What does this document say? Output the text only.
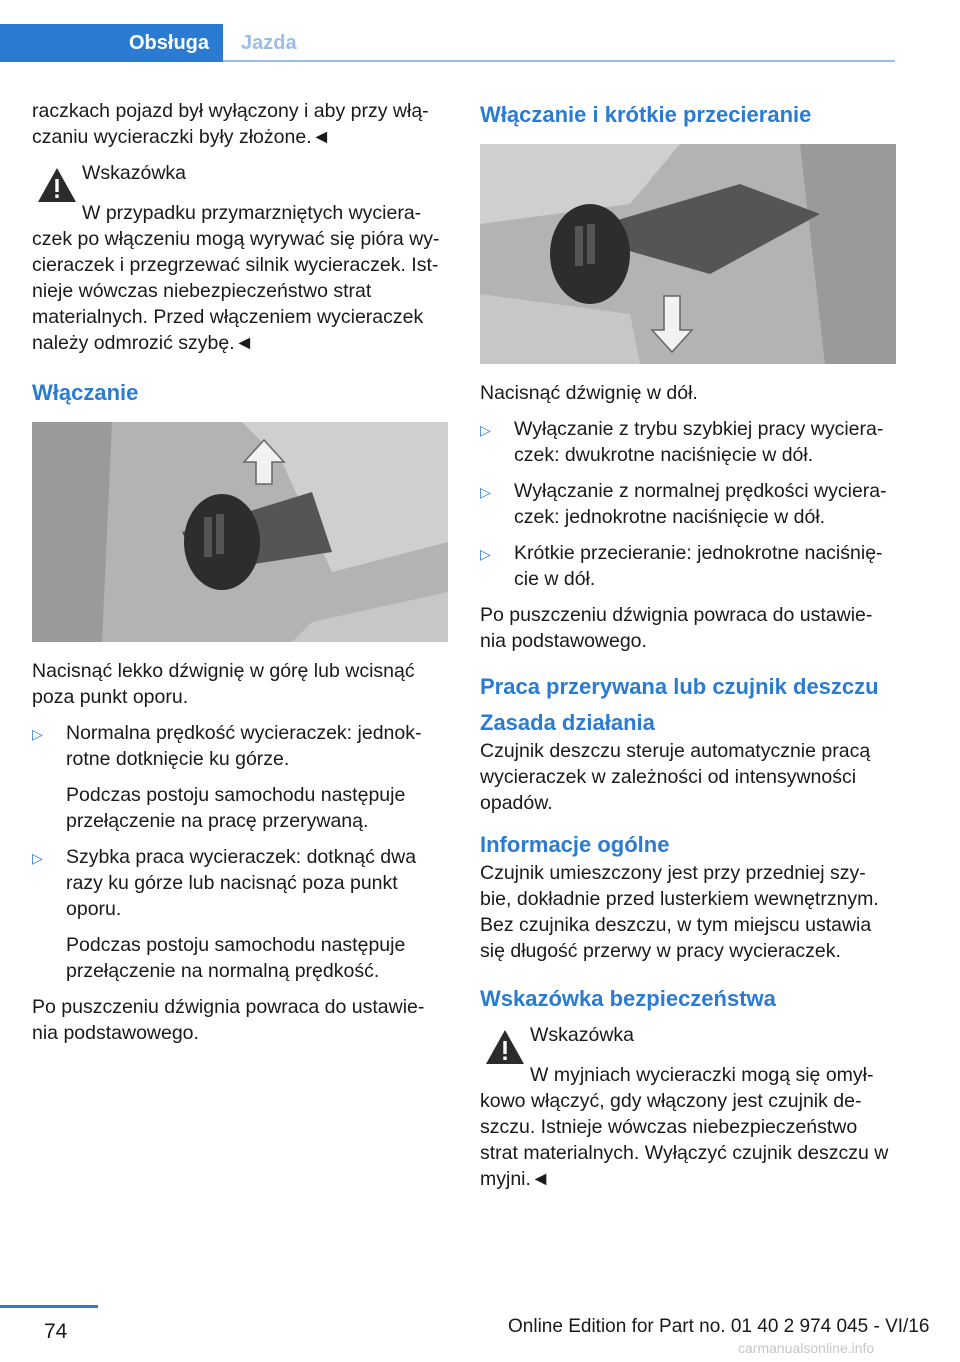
Obsługa	Jazda

raczkach pojazd był wyłączony i aby przy włą-czaniu wycieraczki były złożone.◄

Wskazówka

W przypadku przymarzniętych wyciera-czek po włączeniu mogą wyrywać się pióra wy-cieraczek i przegrzewać silnik wycieraczek. Ist-nieje wówczas niebezpieczeństwo strat materialnych. Przed włączeniem wycieraczek należy odmrozić szybę.◄

Włączanie

Nacisnąć lekko dźwignię w górę lub wcisnąć poza punkt oporu.

▷	Normalna prędkość wycieraczek: jednok-rotne dotknięcie ku górze.

Podczas postoju samochodu następuje przełączenie na pracę przerywaną.

▷	Szybka praca wycieraczek: dotknąć dwa razy ku górze lub nacisnąć poza punkt oporu.

Podczas postoju samochodu następuje przełączenie na normalną prędkość.

Po puszczeniu dźwignia powraca do ustawie-nia podstawowego.

Włączanie i krótkie przecieranie

Nacisnąć dźwignię w dół.

▷	Wyłączanie z trybu szybkiej pracy wyciera-czek: dwukrotne naciśnięcie w dół.

▷	Wyłączanie z normalnej prędkości wyciera-czek: jednokrotne naciśnięcie w dół.

▷	Krótkie przecieranie: jednokrotne naciśnię-cie w dół.

Po puszczeniu dźwignia powraca do ustawie-nia podstawowego.

Praca przerywana lub czujnik deszczu
Zasada działania

Czujnik deszczu steruje automatycznie pracą wycieraczek w zależności od intensywności opadów.

Informacje ogólne

Czujnik umieszczony jest przy przedniej szy-bie, dokładnie przed lusterkiem wewnętrznym. Bez czujnika deszczu, w tym miejscu ustawia się długość przerwy w pracy wycieraczek.

Wskazówka bezpieczeństwa

Wskazówka

W myjniach wycieraczki mogą się omył-kowo włączyć, gdy włączony jest czujnik de-szczu. Istnieje wówczas niebezpieczeństwo strat materialnych. Wyłączyć czujnik deszczu w myjni.◄

74	Online Edition for Part no. 01 40 2 974 045 - VI/16
carmanualsonline.info
